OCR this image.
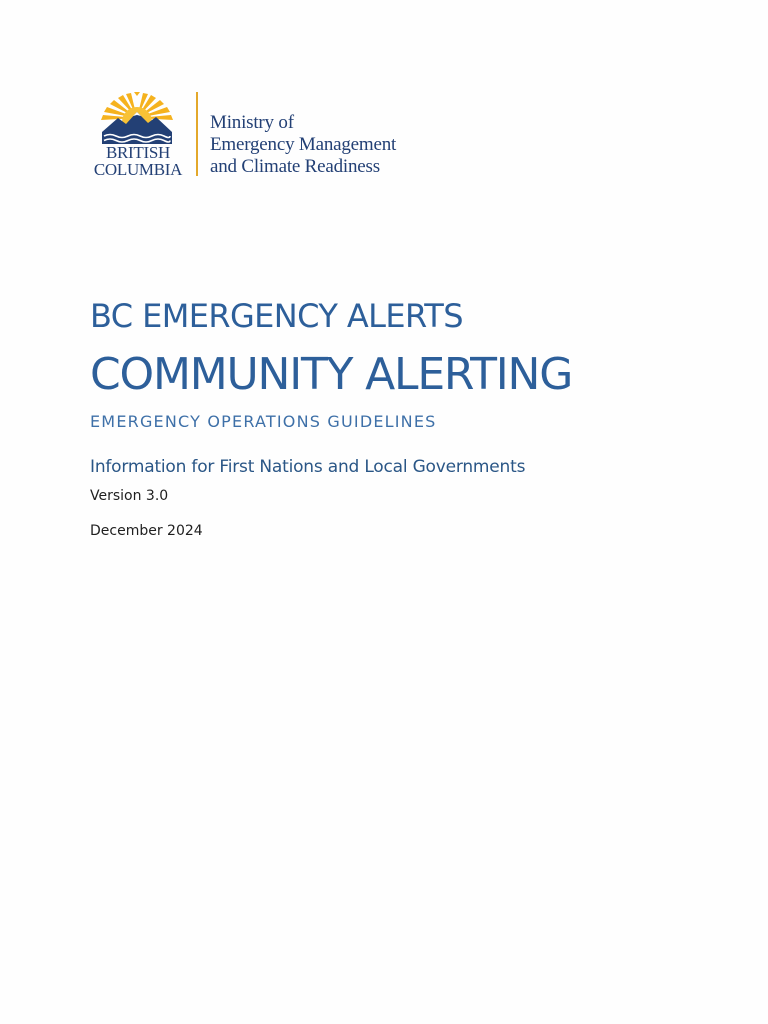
BRITISH
COLUMBIA
Ministry of
Emergency Management
and Climate Readiness
BC EMERGENCY ALERTS
COMMUNITY ALERTING
EMERGENCY OPERATIONS GUIDELINES
Information for First Nations and Local Governments
Version 3.0
December 2024
